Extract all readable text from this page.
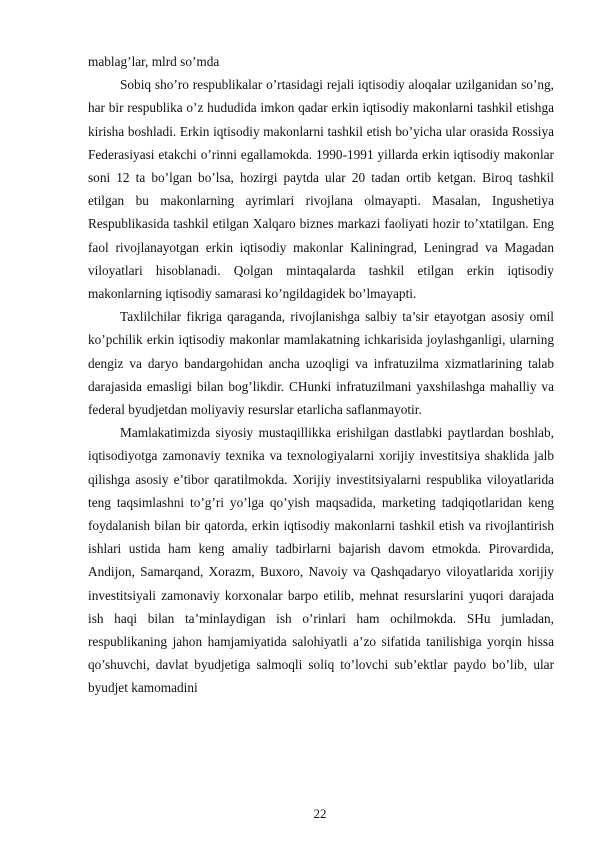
mablag’lar, mlrd so’mda

Sobiq sho’ro respublikalar o’rtasidagi rejali iqtisodiy aloqalar uzilganidan so’ng, har bir respublika o’z hududida imkon qadar erkin iqtisodiy makonlarni tashkil etishga kirisha boshladi. Erkin iqtisodiy makonlarni tashkil etish bo’yicha ular orasida Rossiya Federasiyasi etakchi o’rinni egallamokda. 1990-1991 yillarda erkin iqtisodiy makonlar soni 12 ta bo’lgan bo’lsa, hozirgi paytda ular 20 tadan ortib ketgan. Biroq tashkil etilgan bu makonlarning ayrimlari rivojlana olmayapti. Masalan, Ingushetiya Respublikasida tashkil etilgan Xalqaro biznes markazi faoliyati hozir to’xtatilgan. Eng faol rivojlanayotgan erkin iqtisodiy makonlar Kaliningrad, Leningrad va Magadan viloyatlari hisoblanadi. Qolgan mintaqalarda tashkil etilgan erkin iqtisodiy makonlarning iqtisodiy samarasi ko’ngildagidek bo’lmayapti.

Taxlilchilar fikriga qaraganda, rivojlanishga salbiy ta’sir etayotgan asosiy omil ko’pchilik erkin iqtisodiy makonlar mamlakatning ichkarisida joylashganligi, ularning dengiz va daryo bandargohidan ancha uzoqligi va infratuzilma xizmatlarining talab darajasida emasligi bilan bog’likdir. CHunki infratuzilmani yaxshilashga mahalliy va federal byudjetdan moliyaviy resurslar etarlicha saflanmayotir.

Mamlakatimizda siyosiy mustaqillikka erishilgan dastlabki paytlardan boshlab, iqtisodiyotga zamonaviy texnika va texnologiyalarni xorijiy investitsiya shaklida jalb qilishga asosiy e’tibor qaratilmokda. Xorijiy investitsiyalarni respublika viloyatlarida teng taqsimlashni to’g’ri yo’lga qo’yish maqsadida, marketing tadqiqotlaridan keng foydalanish bilan bir qatorda, erkin iqtisodiy makonlarni tashkil etish va rivojlantirish ishlari ustida ham keng amaliy tadbirlarni bajarish davom etmokda. Pirovardida, Andijon, Samarqand, Xorazm, Buxoro, Navoiy va Qashqadaryo viloyatlarida xorijiy investitsiyali zamonaviy korxonalar barpo etilib, mehnat resurslarini yuqori darajada ish haqi bilan ta’minlaydigan ish o’rinlari ham ochilmokda. SHu jumladan, respublikaning jahon hamjamiyatida salohiyatli a’zo sifatida tanilishiga yorqin hissa qo’shuvchi, davlat byudjetiga salmoqli soliq to’lovchi sub’ektlar paydo bo’lib, ular byudjet kamomadini

22
